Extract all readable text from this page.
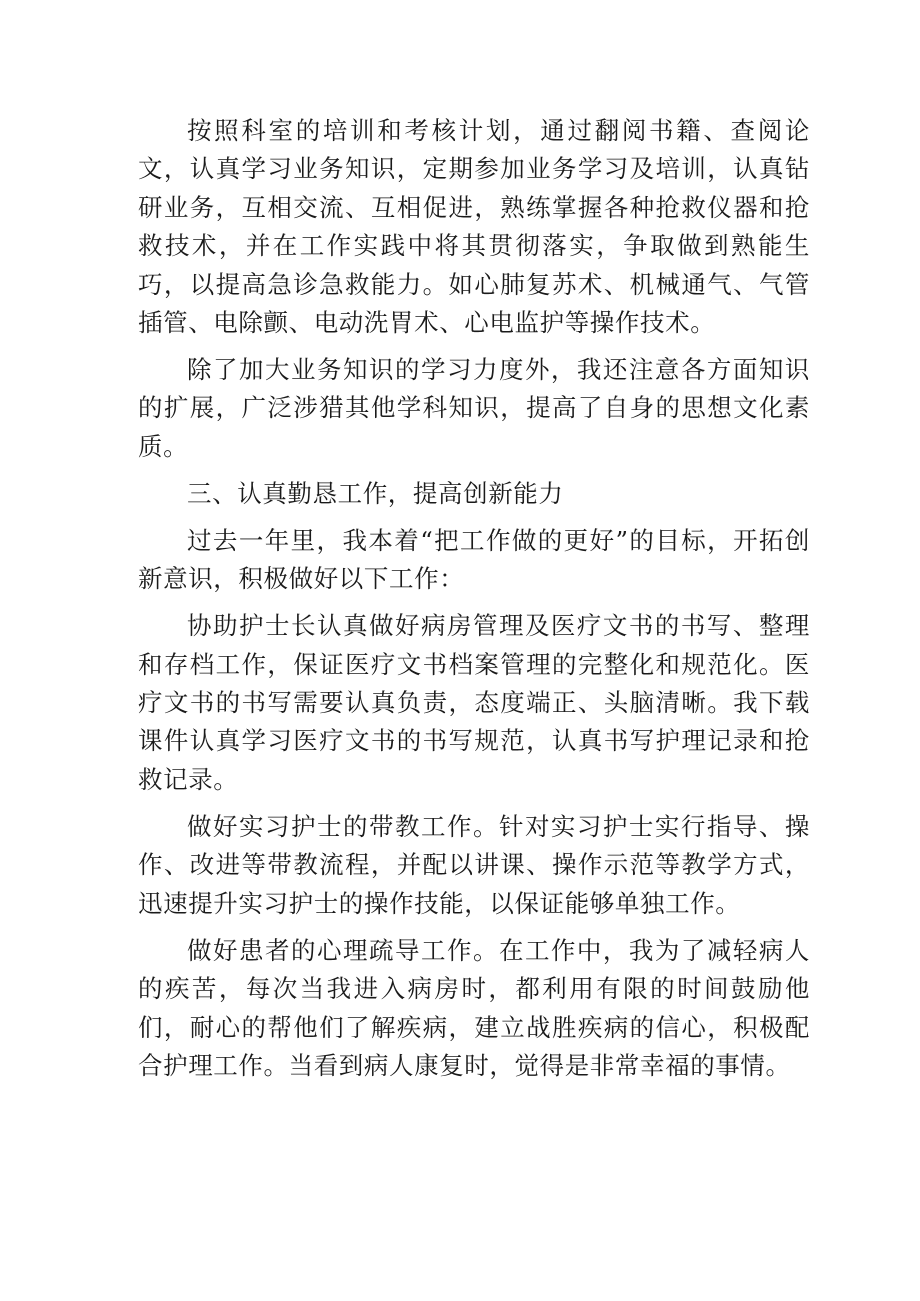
按照科室的培训和考核计划，通过翻阅书籍、查阅论文，认真学习业务知识，定期参加业务学习及培训，认真钻研业务，互相交流、互相促进，熟练掌握各种抢救仪器和抢救技术，并在工作实践中将其贯彻落实，争取做到熟能生巧，以提高急诊急救能力。如心肺复苏术、机械通气、气管插管、电除颤、电动洗胃术、心电监护等操作技术。

除了加大业务知识的学习力度外，我还注意各方面知识的扩展，广泛涉猎其他学科知识，提高了自身的思想文化素质。

三、认真勤恳工作，提高创新能力

过去一年里，我本着“把工作做的更好”的目标，开拓创新意识，积极做好以下工作：

协助护士长认真做好病房管理及医疗文书的书写、整理和存档工作，保证医疗文书档案管理的完整化和规范化。医疗文书的书写需要认真负责，态度端正、头脑清晰。我下载课件认真学习医疗文书的书写规范，认真书写护理记录和抢救记录。

做好实习护士的带教工作。针对实习护士实行指导、操作、改进等带教流程，并配以讲课、操作示范等教学方式，迅速提升实习护士的操作技能，以保证能够单独工作。

做好患者的心理疏导工作。在工作中，我为了减轻病人的疾苦，每次当我进入病房时，都利用有限的时间鼓励他们，耐心的帮他们了解疾病，建立战胜疾病的信心，积极配合护理工作。当看到病人康复时，觉得是非常幸福的事情。
